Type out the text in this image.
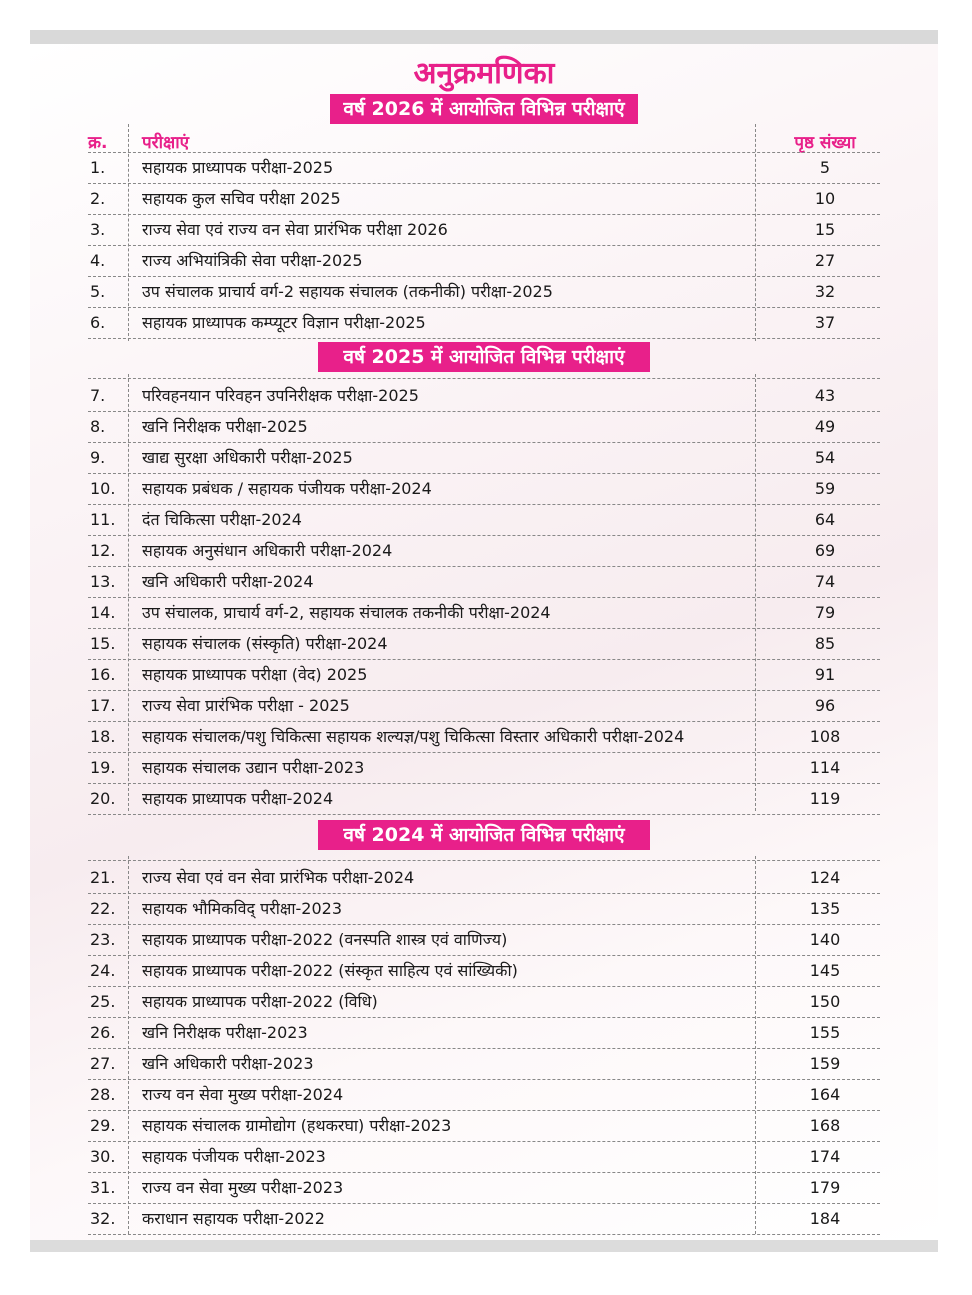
अनुक्रमणिका
क्र. परीक्षाएं	पृष्ठ संख्या
वर्ष 2026 में आयोजित विभिन्न परीक्षाएं
1. सहायक प्राध्यापक परीक्षा-2025	5
2. सहायक कुल सचिव परीक्षा 2025	10
3. राज्य सेवा एवं राज्य वन सेवा प्रारंभिक परीक्षा 2026	15
4. राज्य अभियांत्रिकी सेवा परीक्षा-2025	27
5. उप संचालक प्राचार्य वर्ग-2 सहायक संचालक (तकनीकी) परीक्षा-2025	32
6. सहायक प्राध्यापक कम्प्यूटर विज्ञान परीक्षा-2025	37
वर्ष 2025 में आयोजित विभिन्न परीक्षाएं
7. परिवहनयान परिवहन उपनिरीक्षक परीक्षा-2025	43
8. खनि निरीक्षक परीक्षा-2025	49
9. खाद्य सुरक्षा अधिकारी परीक्षा-2025	54
10. सहायक प्रबंधक / सहायक पंजीयक परीक्षा-2024	59
11. दंत चिकित्सा परीक्षा-2024	64
12. सहायक अनुसंधान अधिकारी परीक्षा-2024	69
13. खनि अधिकारी परीक्षा-2024	74
14. उप संचालक, प्राचार्य वर्ग-2, सहायक संचालक तकनीकी परीक्षा-2024	79
15. सहायक संचालक (संस्कृति) परीक्षा-2024	85
16. सहायक प्राध्यापक परीक्षा (वेद) 2025	91
17. राज्य सेवा प्रारंभिक परीक्षा - 2025	96
18. सहायक संचालक/पशु चिकित्सा सहायक शल्यज्ञ/पशु चिकित्सा विस्तार अधिकारी परीक्षा-2024	108
19. सहायक संचालक उद्यान परीक्षा-2023	114
20. सहायक प्राध्यापक परीक्षा-2024	119
वर्ष 2024 में आयोजित विभिन्न परीक्षाएं
21. राज्य सेवा एवं वन सेवा प्रारंभिक परीक्षा-2024	124
22. सहायक भौमिकविद् परीक्षा-2023	135
23. सहायक प्राध्यापक परीक्षा-2022 (वनस्पति शास्त्र एवं वाणिज्य)	140
24. सहायक प्राध्यापक परीक्षा-2022 (संस्कृत साहित्य एवं सांख्यिकी)	145
25. सहायक प्राध्यापक परीक्षा-2022 (विधि)	150
26. खनि निरीक्षक परीक्षा-2023	155
27. खनि अधिकारी परीक्षा-2023	159
28. राज्य वन सेवा मुख्य परीक्षा-2024	164
29. सहायक संचालक ग्रामोद्योग (हथकरघा) परीक्षा-2023	168
30. सहायक पंजीयक परीक्षा-2023	174
31. राज्य वन सेवा मुख्य परीक्षा-2023	179
32. कराधान सहायक परीक्षा-2022	184
